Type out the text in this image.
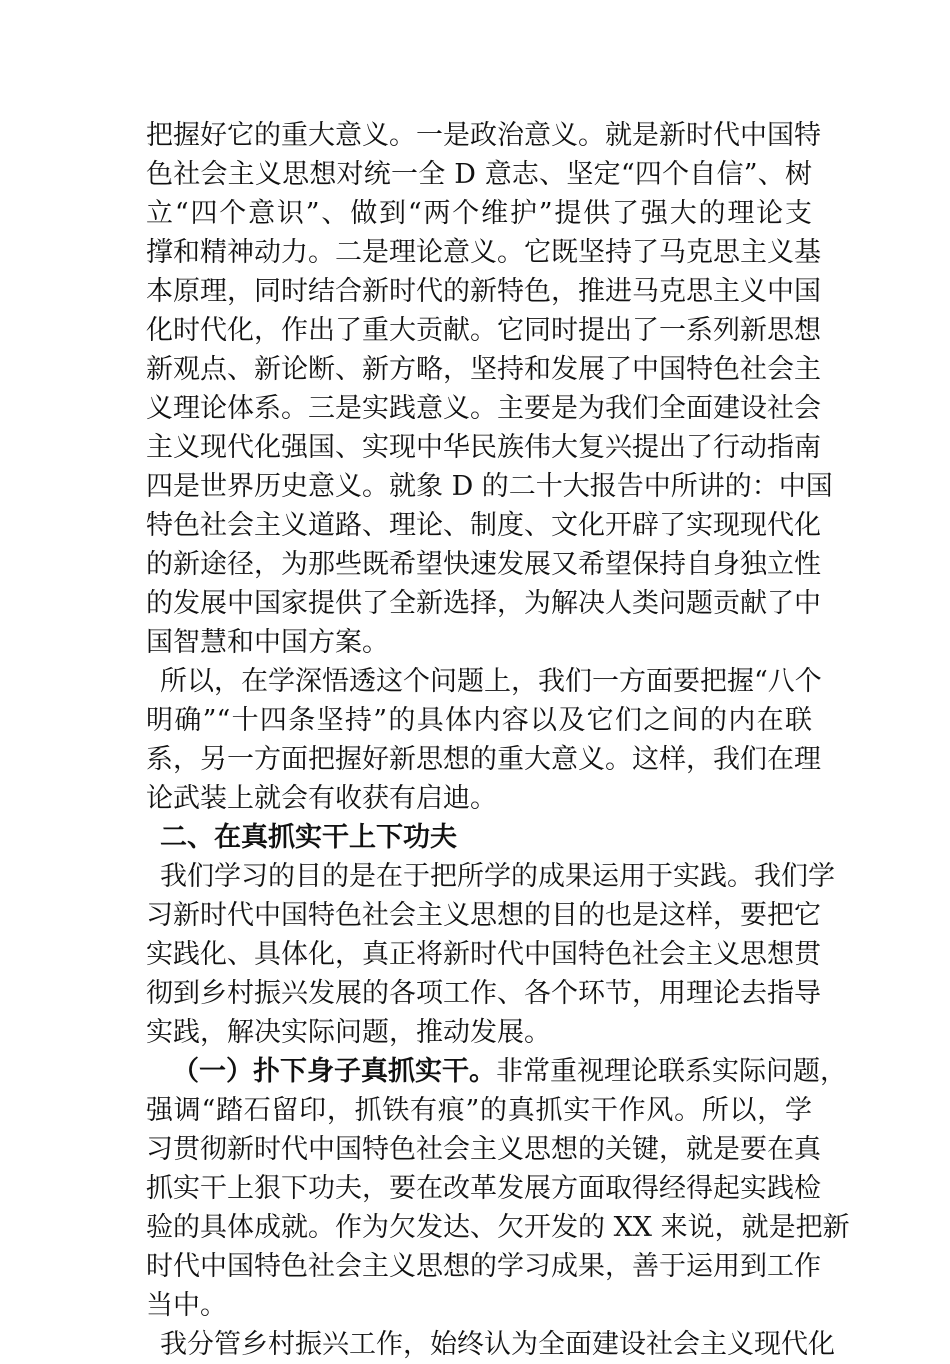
把握好它的重大意义。一是政治意义。就是新时代中国特
色社会主义思想对统一全 D 意志、坚定“四个自信”、树
立“四个意识”、做到“两个维护”提供了强大的理论支
撑和精神动力。二是理论意义。它既坚持了马克思主义基
本原理，同时结合新时代的新特色，推进马克思主义中国
化时代化，作出了重大贡献。它同时提出了一系列新思想
新观点、新论断、新方略，坚持和发展了中国特色社会主
义理论体系。三是实践意义。主要是为我们全面建设社会
主义现代化强国、实现中华民族伟大复兴提出了行动指南
四是世界历史意义。就象 D 的二十大报告中所讲的：中国
特色社会主义道路、理论、制度、文化开辟了实现现代化
的新途径，为那些既希望快速发展又希望保持自身独立性
的发展中国家提供了全新选择，为解决人类问题贡献了中
国智慧和中国方案。
所以，在学深悟透这个问题上，我们一方面要把握“八个
明确”“十四条坚持”的具体内容以及它们之间的内在联
系，另一方面把握好新思想的重大意义。这样，我们在理
论武装上就会有收获有启迪。
二、在真抓实干上下功夫
我们学习的目的是在于把所学的成果运用于实践。我们学
习新时代中国特色社会主义思想的目的也是这样，要把它
实践化、具体化，真正将新时代中国特色社会主义思想贯
彻到乡村振兴发展的各项工作、各个环节，用理论去指导
实践，解决实际问题，推动发展。
（一）扑下身子真抓实干。非常重视理论联系实际问题，
强调“踏石留印，抓铁有痕”的真抓实干作风。所以，学
习贯彻新时代中国特色社会主义思想的关键，就是要在真
抓实干上狠下功夫，要在改革发展方面取得经得起实践检
验的具体成就。作为欠发达、欠开发的 XX 来说，就是把新
时代中国特色社会主义思想的学习成果，善于运用到工作
当中。
我分管乡村振兴工作，始终认为全面建设社会主义现代化
